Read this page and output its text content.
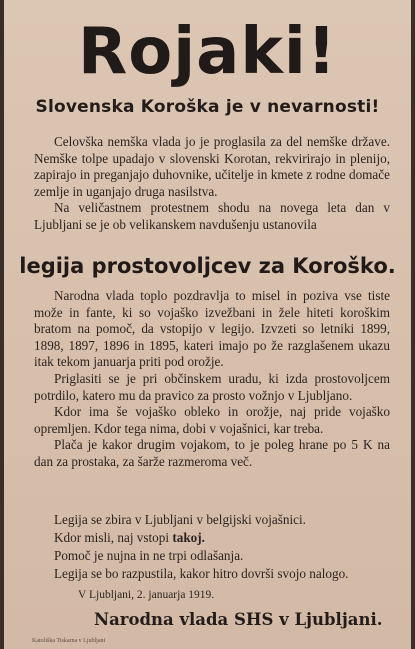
Rojaki!
Slovenska Koroška je v nevarnosti!

Celovška nemška vlada jo je proglasila za del nemške države. Nemške tolpe upadajo v slovenski Korotan, rekvirirajo in plenijo, zapirajo in preganjajo duhovnike, učitelje in kmete z rodne domače zemlje in uganjajo druga nasilstva.

Na veličastnem protestnem shodu na novega leta dan v Ljubljani se je ob velikanskem navdušenju ustanovila

legija prostovoljcev za Koroško.

Narodna vlada toplo pozdravlja to misel in poziva vse tiste može in fante, ki so vojaško izvežbani in žele hiteti koroškim bratom na pomoč, da vstopijo v legijo. Izvzeti so letniki 1899, 1898, 1897, 1896 in 1895, kateri imajo po že razglašenem ukazu itak tekom januarja priti pod orožje.

Priglasiti se je pri občinskem uradu, ki izda prostovoljcem potrdilo, katero mu da pravico za prosto vožnjo v Ljubljano.

Kdor ima še vojaško obleko in orožje, naj pride vojaško opremljen. Kdor tega nima, dobi v vojašnici, kar treba.

Plača je kakor drugim vojakom, to je poleg hrane po 5 K na dan za prostaka, za šarže razmeroma več.

Legija se zbira v Ljubljani v belgijski vojašnici.
Kdor misli, naj vstopi takoj.
Pomoč je nujna in ne trpi odlašanja.
Legija se bo razpustila, kakor hitro dovrši svojo nalogo.
V Ljubljani, 2. januarja 1919.
Narodna vlada SHS v Ljubljani.
Katoliška Tiskarna v Ljubljani
